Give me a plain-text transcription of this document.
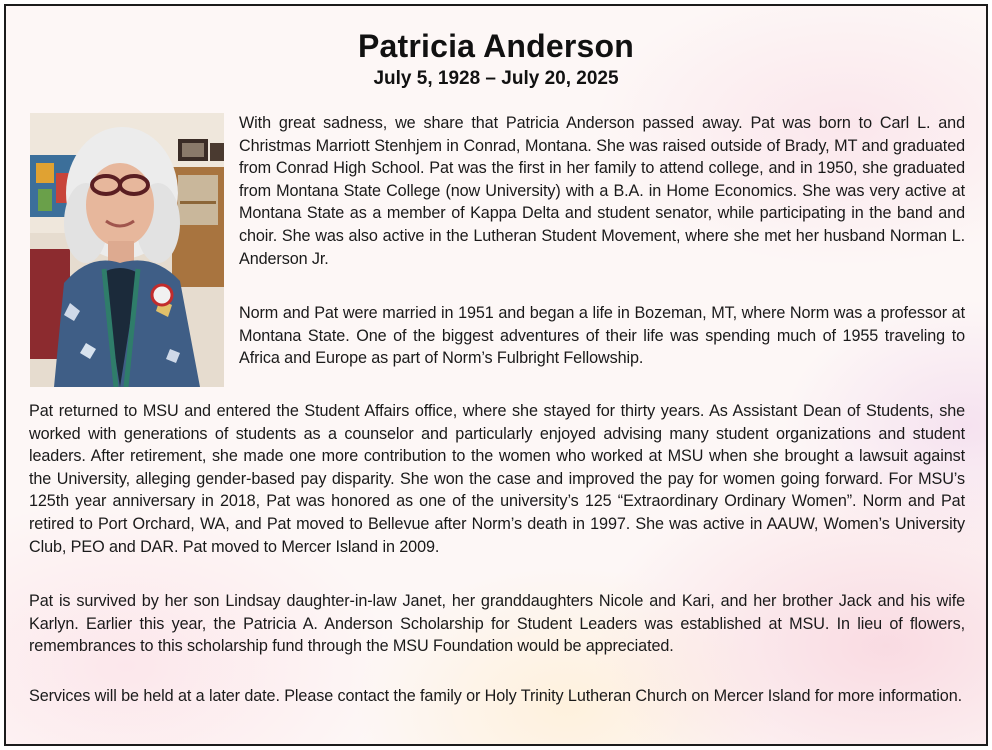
Patricia Anderson
July 5, 1928 – July 20, 2025

With great sadness, we share that Patricia Anderson passed away. Pat was born to Carl L. and Christmas Marriott Stenhjem in Conrad, Montana. She was raised outside of Brady, MT and graduated from Conrad High School. Pat was the first in her family to attend college, and in 1950, she graduated from Montana State College (now University) with a B.A. in Home Economics. She was very active at Montana State as a member of Kappa Delta and student senator, while participating in the band and choir. She was also active in the Lutheran Student Movement, where she met her husband Norman L. Anderson Jr.

Norm and Pat were married in 1951 and began a life in Bozeman, MT, where Norm was a professor at Montana State. One of the biggest adventures of their life was spending much of 1955 traveling to Africa and Europe as part of Norm’s Fulbright Fellowship.

Pat returned to MSU and entered the Student Affairs office, where she stayed for thirty years. As Assistant Dean of Students, she worked with generations of students as a counselor and particularly enjoyed advising many student organizations and student leaders. After retirement, she made one more contribution to the women who worked at MSU when she brought a lawsuit against the University, alleging gender-based pay disparity. She won the case and improved the pay for women going forward. For MSU’s 125th year anniversary in 2018, Pat was honored as one of the university’s 125 “Extraordinary Ordinary Women”. Norm and Pat retired to Port Orchard, WA, and Pat moved to Bellevue after Norm’s death in 1997. She was active in AAUW, Women’s University Club, PEO and DAR. Pat moved to Mercer Island in 2009.

Pat is survived by her son Lindsay daughter-in-law Janet, her granddaughters Nicole and Kari, and her brother Jack and his wife Karlyn. Earlier this year, the Patricia A. Anderson Scholarship for Student Leaders was established at MSU. In lieu of flowers, remembrances to this scholarship fund through the MSU Foundation would be appreciated.

Services will be held at a later date. Please contact the family or Holy Trinity Lutheran Church on Mercer Island for more information.
